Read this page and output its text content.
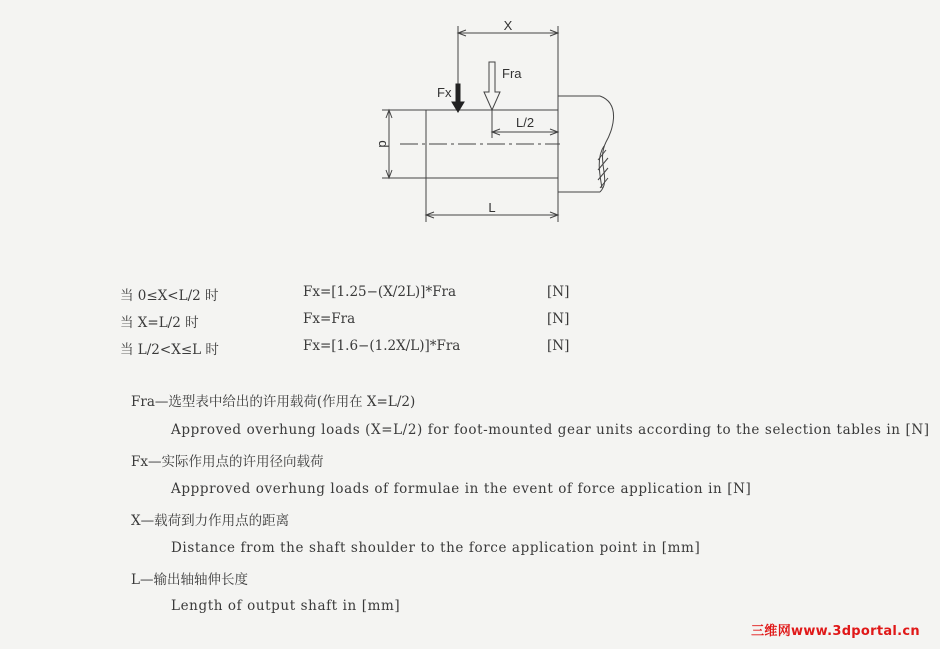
X
Fra
Fx
L/2
L
d
当 0≤X<L/2 时	Fx=[1.25−(X/2L)]*Fra	[N]
当 X=L/2 时	Fx=Fra	[N]
当 L/2<X≤L 时	Fx=[1.6−(1.2X/L)]*Fra	[N]
Fra—选型表中给出的许用载荷(作用在 X=L/2)
Approved overhung loads (X=L/2) for foot-mounted gear units according to the selection tables in [N]
Fx—实际作用点的许用径向载荷
Appproved overhung loads of formulae in the event of force application in [N]
X—载荷到力作用点的距离
Distance from the shaft shoulder to the force application point in [mm]
L—输出轴轴伸长度
Length of output shaft in [mm]
三维网www.3dportal.cn
